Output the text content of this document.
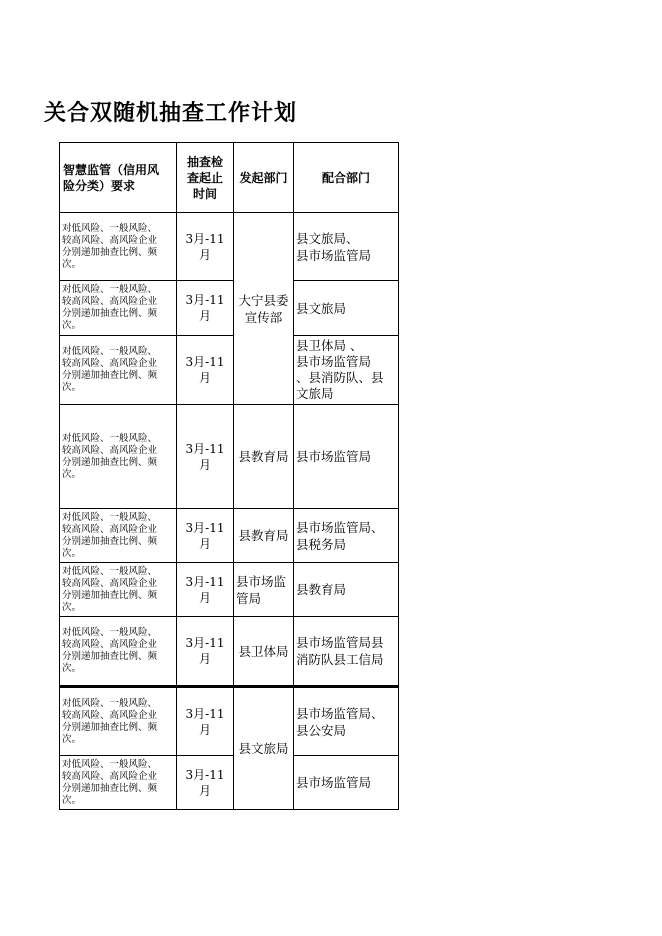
关合双随机抽查工作计划
智慧监管（信用风
险分类）要求
抽查检
查起止
时间
发起部门	配合部门
对低风险、一般风险、
较高风险、高风险企业
分别递加抽查比例、频
次。
3月-11
月
县文旅局、
县市场监管局
对低风险、一般风险、
较高风险、高风险企业
分别递加抽查比例、频
次。
3月-11
月
县文旅局
对低风险、一般风险、
较高风险、高风险企业
分别递加抽查比例、频
次。
3月-11
月
县卫体局 、
县市场监管局
、县消防队、县
文旅局
大宁县委
宣传部
对低风险、一般风险、
较高风险、高风险企业
分别递加抽查比例、频
次。
3月-11
月
县教育局 县市场监管局
对低风险、一般风险、
较高风险、高风险企业
分别递加抽查比例、频
次。
3月-11
月
县教育局
县市场监管局、
县税务局
对低风险、一般风险、
较高风险、高风险企业
分别递加抽查比例、频
次。
3月-11
月
县市场监
管局
县教育局
对低风险、一般风险、
较高风险、高风险企业
分别递加抽查比例、频
次。
3月-11
月
县卫体局
县市场监管局县
消防队县工信局
对低风险、一般风险、
较高风险、高风险企业
分别递加抽查比例、频
次。
3月-11
月
县市场监管局、
县公安局
对低风险、一般风险、
较高风险、高风险企业
分别递加抽查比例、频
次。
3月-11
月
县市场监管局
县文旅局
